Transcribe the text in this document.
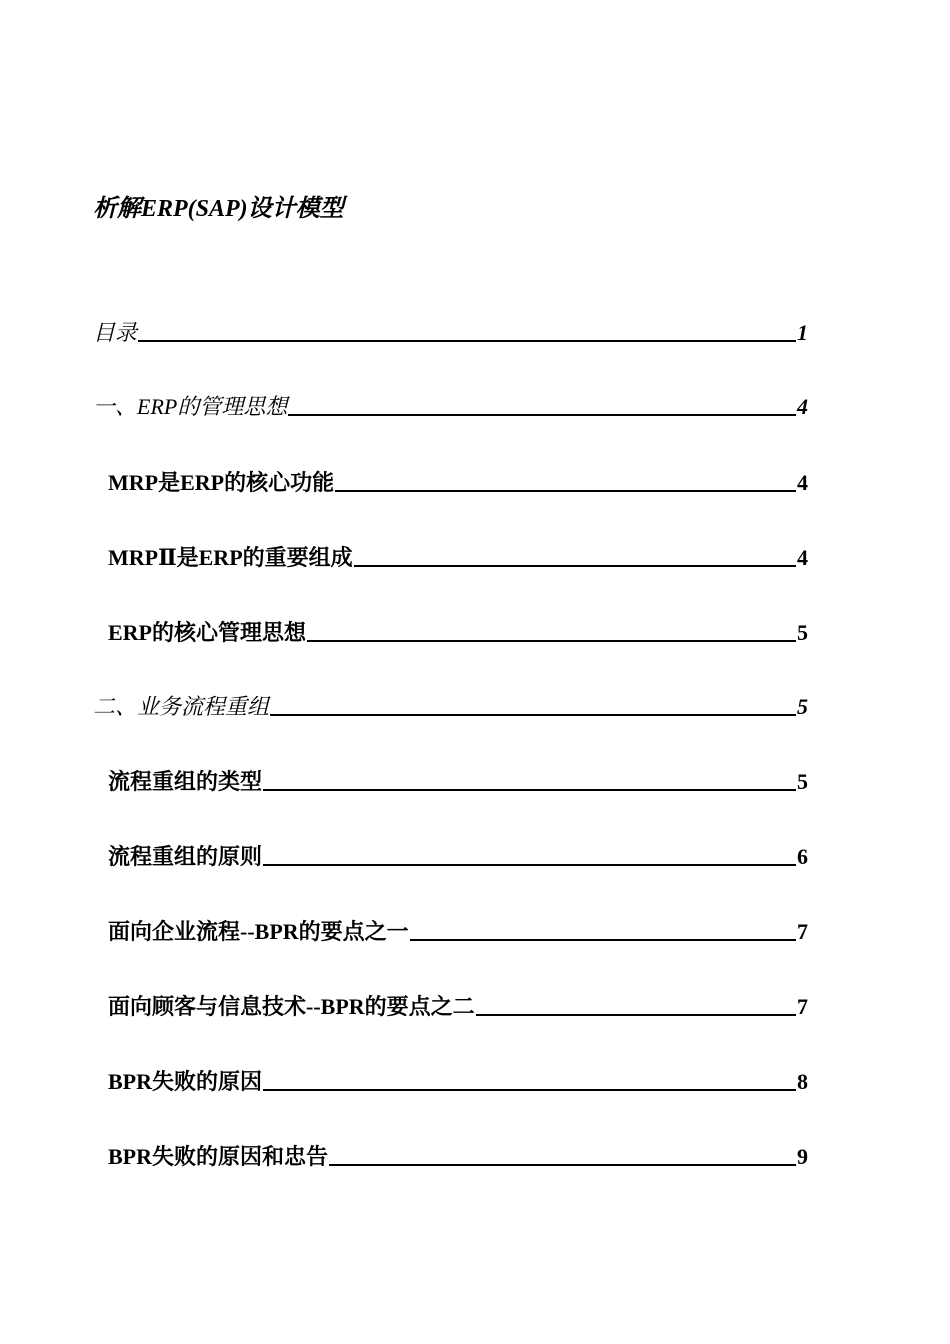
析解ERP(SAP)设计模型
目录	1
一、ERP的管理思想	4
MRP是ERP的核心功能	4
MRPⅡ是ERP的重要组成	4
ERP的核心管理思想	5
二、业务流程重组	5
流程重组的类型	5
流程重组的原则	6
面向企业流程--BPR的要点之一	7
面向顾客与信息技术--BPR的要点之二	7
BPR失败的原因	8
BPR失败的原因和忠告	9
